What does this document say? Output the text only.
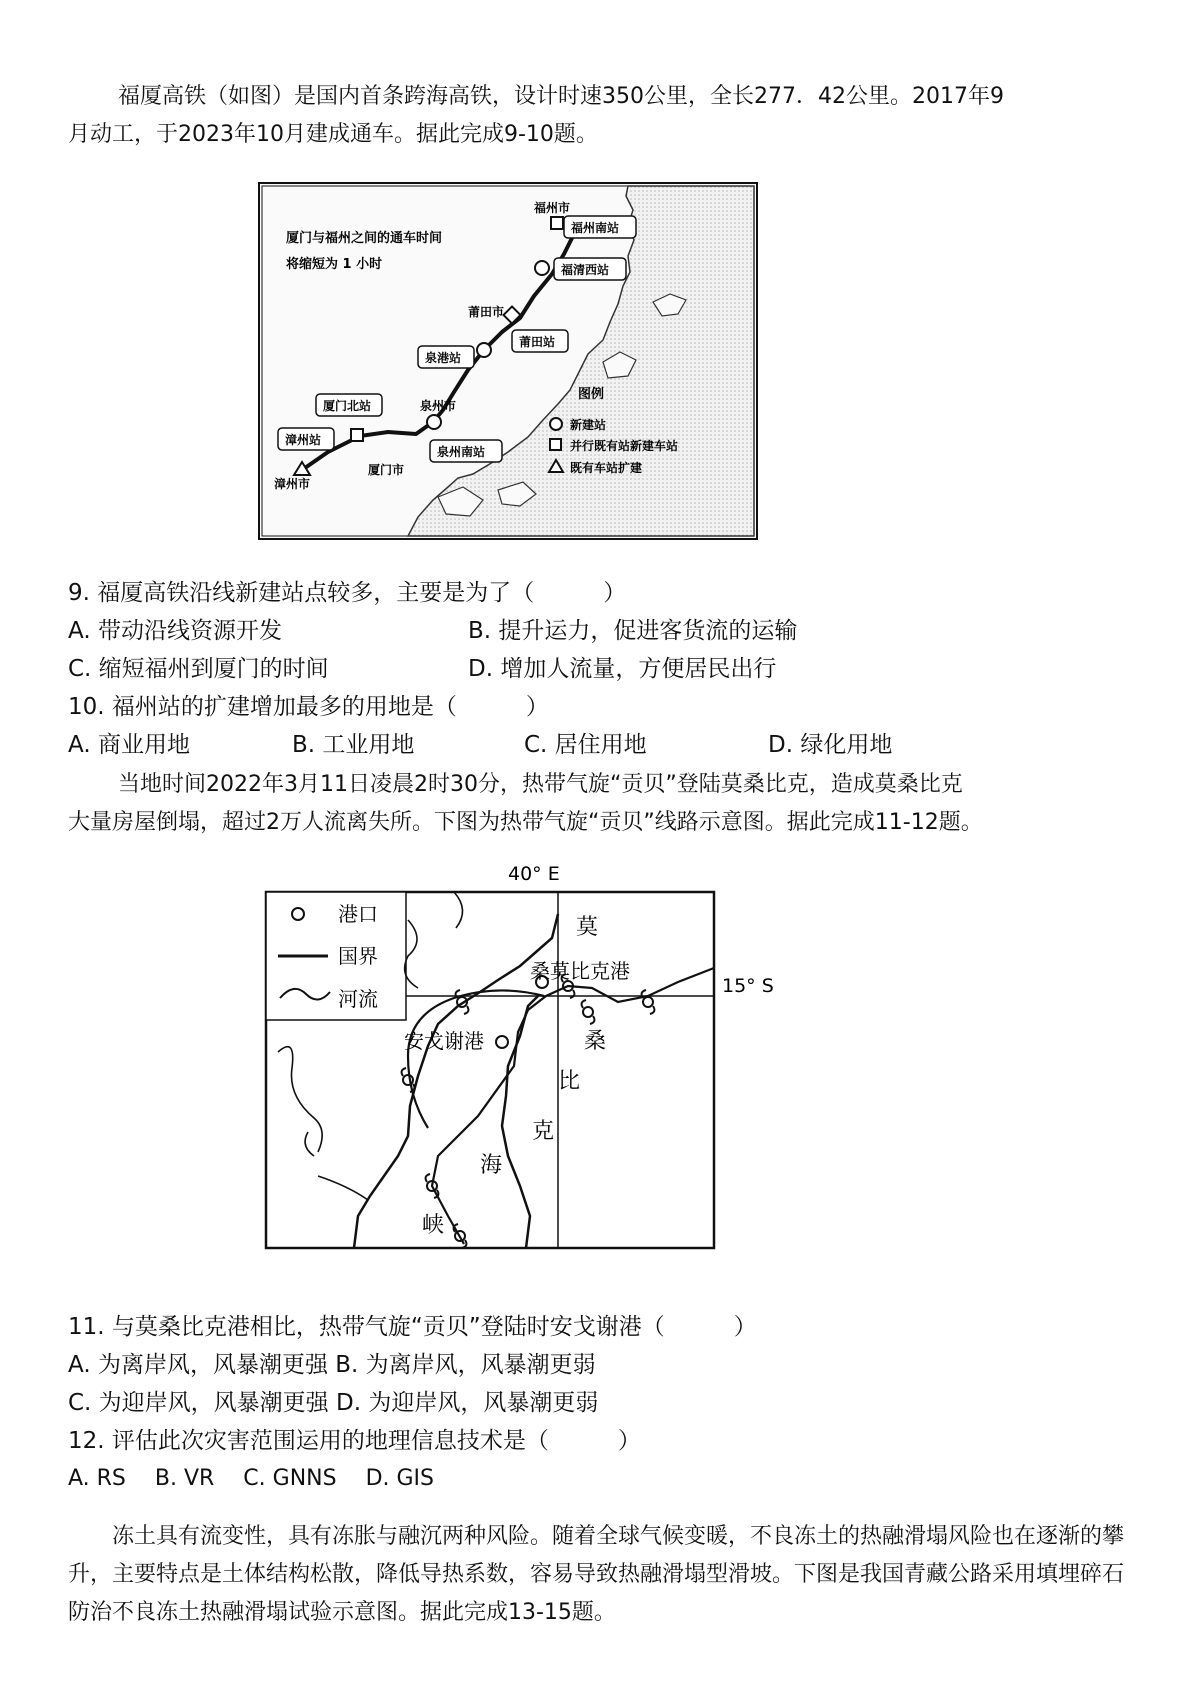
福厦高铁（如图）是国内首条跨海高铁，设计时速350公里，全长277．42公里。2017年9
月动工，于2023年10月建成通车。据此完成9-10题。
厦门与福州之间的通车时间
将缩短为 1 小时
福州市
莆田市
泉州市
厦门市
漳州市
福州南站
福清西站
莆田站
泉港站
泉州南站
厦门北站
漳州站
图例
新建站
并行既有站新建车站
既有车站扩建
9. 福厦高铁沿线新建站点较多，主要是为了（　　　）
A. 带动沿线资源开发	B. 提升运力，促进客货流的运输
C. 缩短福州到厦门的时间	D. 增加人流量，方便居民出行
10. 福州站的扩建增加最多的用地是（　　　）
A. 商业用地	B. 工业用地	C. 居住用地	D. 绿化用地
当地时间2022年3月11日凌晨2时30分，热带气旋“贡贝”登陆莫桑比克，造成莫桑比克
大量房屋倒塌，超过2万人流离失所。下图为热带气旋“贡贝”线路示意图。据此完成11-12题。
40° E
15° S
港口
国界
河流
莫
桑莫比克港
桑
比
克
安戈谢港
海
峡
11. 与莫桑比克港相比，热带气旋“贡贝”登陆时安戈谢港（　　　）
A. 为离岸风，风暴潮更强 B. 为离岸风，风暴潮更弱
C. 为迎岸风，风暴潮更强 D. 为迎岸风，风暴潮更弱
12. 评估此次灾害范围运用的地理信息技术是（　　　）
A. RS　 B. VR　 C. GNNS　 D. GIS
冻土具有流变性，具有冻胀与融沉两种风险。随着全球气候变暖，不良冻土的热融滑塌风险也在逐渐的攀升，主要特点是土体结构松散，降低导热系数，容易导致热融滑塌型滑坡。下图是我国青藏公路采用填埋碎石防治不良冻土热融滑塌试验示意图。据此完成13-15题。
